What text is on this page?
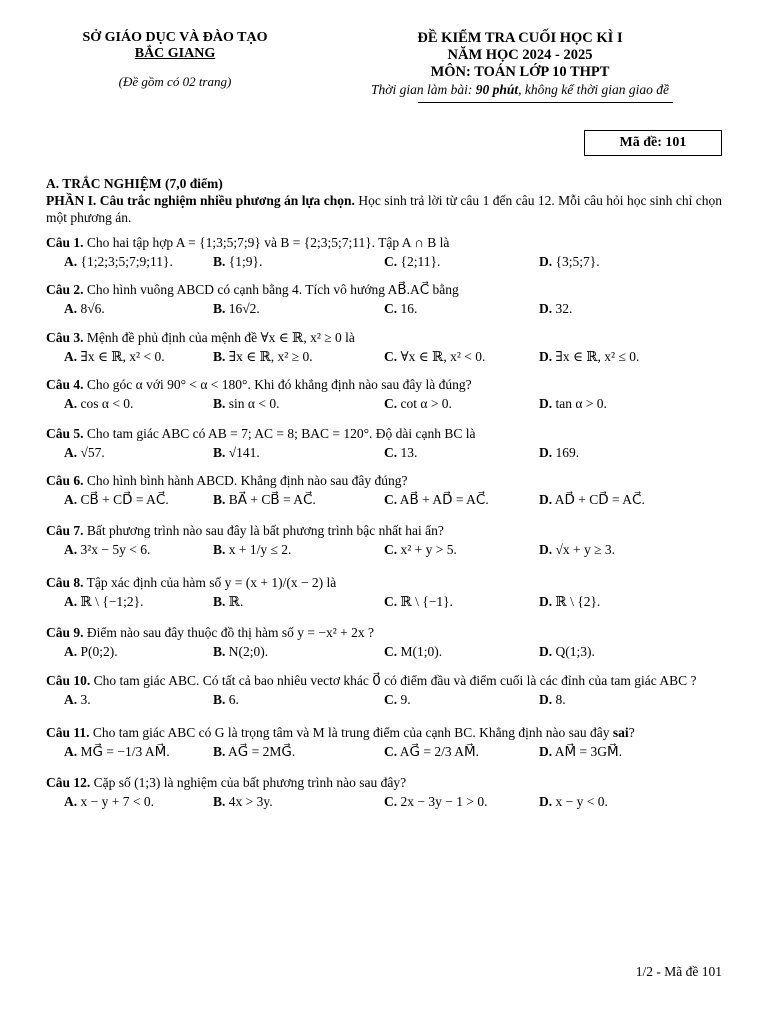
SỞ GIÁO DỤC VÀ ĐÀO TẠO
BẮC GIANG
(Đề gồm có 02 trang)
ĐỀ KIỂM TRA CUỐI HỌC KÌ I
NĂM HỌC 2024 - 2025
MÔN: TOÁN LỚP 10 THPT
Thời gian làm bài: 90 phút, không kể thời gian giao đề
Mã đề: 101
A. TRẮC NGHIỆM (7,0 điểm)
PHẦN I. Câu trắc nghiệm nhiều phương án lựa chọn. Học sinh trả lời từ câu 1 đến câu 12. Mỗi câu hỏi học sinh chỉ chọn một phương án.
Câu 1. Cho hai tập hợp A = {1;3;5;7;9} và B = {2;3;5;7;11}. Tập A ∩ B là
A. {1;2;3;5;7;9;11}.	B. {1;9}.	C. {2;11}.	D. {3;5;7}.
Câu 2. Cho hình vuông ABCD có cạnh bằng 4. Tích vô hướng AB⃗.AC⃗ bằng
A. 8√6.	B. 16√2.	C. 16.	D. 32.
Câu 3. Mệnh đề phủ định của mệnh đề ∀x ∈ ℝ, x² ≥ 0 là
A. ∃x ∈ ℝ, x² < 0.	B. ∃x ∈ ℝ, x² ≥ 0.	C. ∀x ∈ ℝ, x² < 0.	D. ∃x ∈ ℝ, x² ≤ 0.
Câu 4. Cho góc α với 90° < α < 180°. Khi đó khẳng định nào sau đây là đúng?
A. cos α < 0.	B. sin α < 0.	C. cot α > 0.	D. tan α > 0.
Câu 5. Cho tam giác ABC có AB = 7; AC = 8; BAC = 120°. Độ dài cạnh BC là
A. √57.	B. √141.	C. 13.	D. 169.
Câu 6. Cho hình bình hành ABCD. Khẳng định nào sau đây đúng?
A. CB⃗ + CD⃗ = AC⃗.	B. BA⃗ + CB⃗ = AC⃗.	C. AB⃗ + AD⃗ = AC⃗.	D. AD⃗ + CD⃗ = AC⃗.
Câu 7. Bất phương trình nào sau đây là bất phương trình bậc nhất hai ẩn?
A. 3²x − 5y < 6.	B. x + 1/y ≤ 2.	C. x² + y > 5.	D. √x + y ≥ 3.
Câu 8. Tập xác định của hàm số y = (x + 1)/(x − 2) là
A. ℝ \ {−1;2}.	B. ℝ.	C. ℝ \ {−1}.	D. ℝ \ {2}.
Câu 9. Điểm nào sau đây thuộc đồ thị hàm số y = −x² + 2x ?
A. P(0;2).	B. N(2;0).	C. M(1;0).	D. Q(1;3).
Câu 10. Cho tam giác ABC. Có tất cả bao nhiêu vectơ khác 0⃗ có điểm đầu và điểm cuối là các đỉnh của tam giác ABC ?
A. 3.	B. 6.	C. 9.	D. 8.
Câu 11. Cho tam giác ABC có G là trọng tâm và M là trung điểm của cạnh BC. Khẳng định nào sau đây sai?
A. MG⃗ = −1/3 AM⃗.	B. AG⃗ = 2MG⃗.	C. AG⃗ = 2/3 AM⃗.	D. AM⃗ = 3GM⃗.
Câu 12. Cặp số (1;3) là nghiệm của bất phương trình nào sau đây?
A. x − y + 7 < 0.	B. 4x > 3y.	C. 2x − 3y − 1 > 0.	D. x − y < 0.
1/2 - Mã đề 101
